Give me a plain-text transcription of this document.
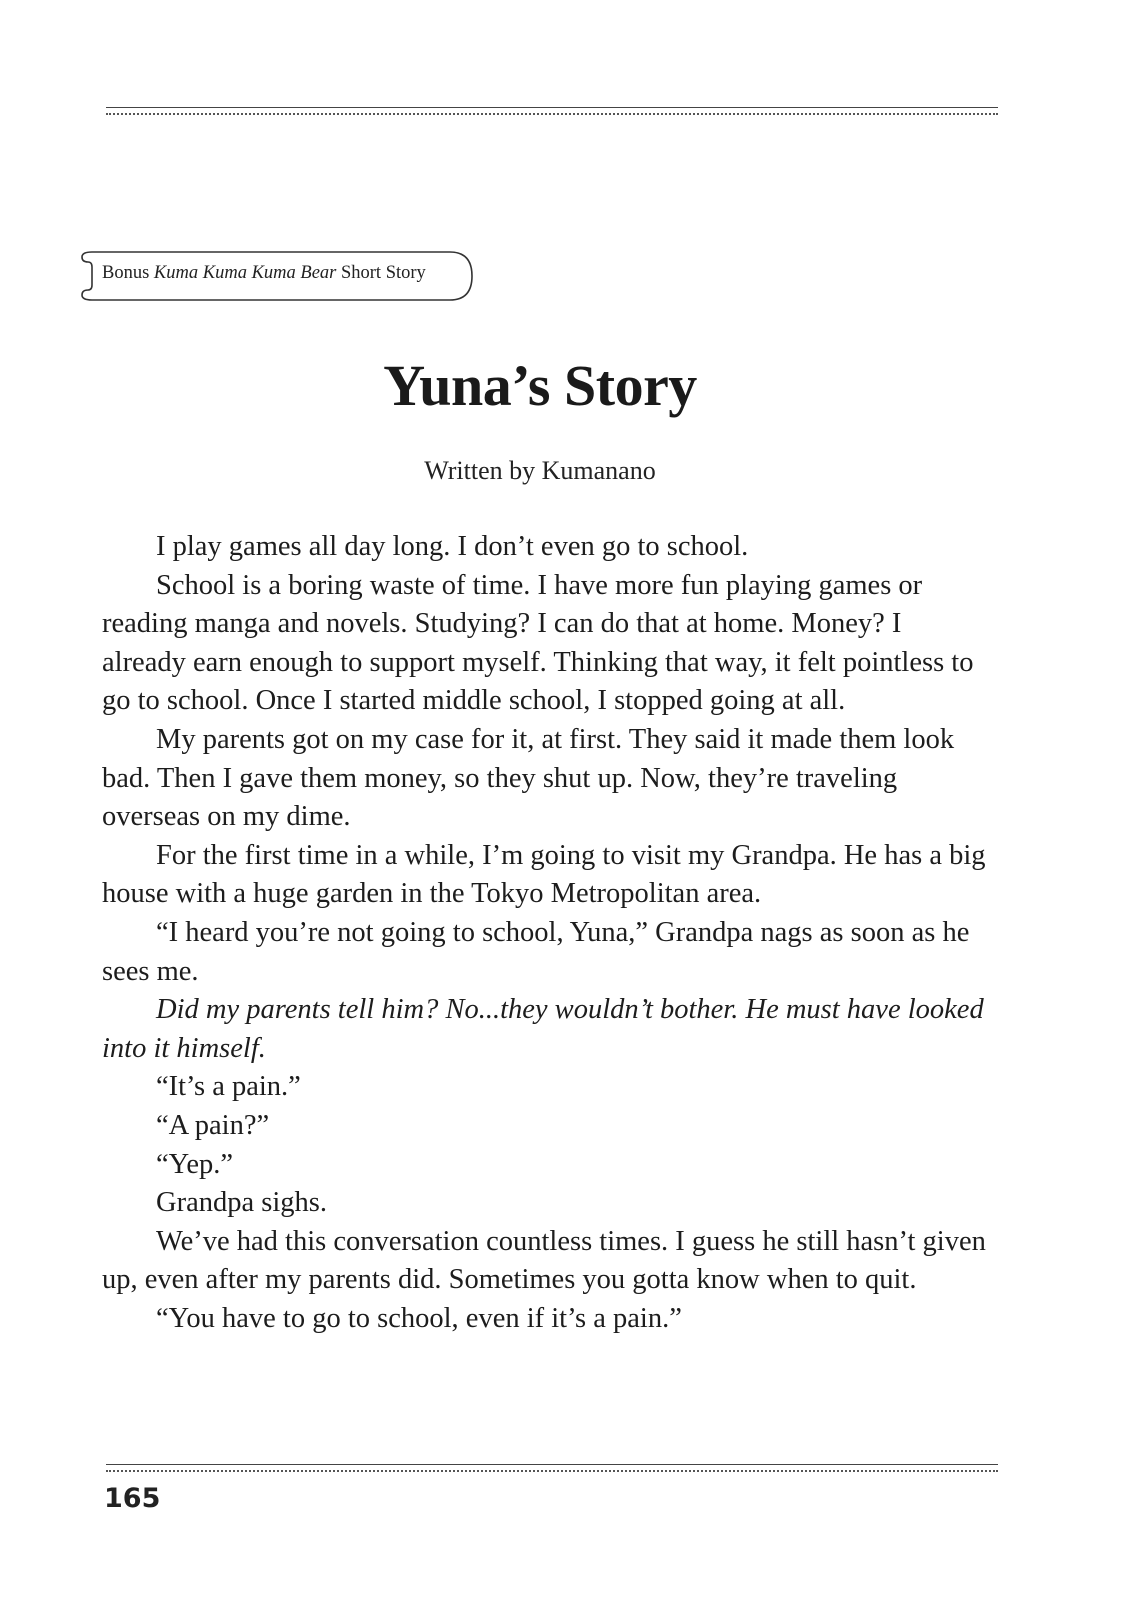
Bonus Kuma Kuma Kuma Bear Short Story
Yuna’s Story
Written by Kumanano

I play games all day long. I don’t even go to school.

School is a boring waste of time. I have more fun playing games or reading manga and novels. Studying? I can do that at home. Money? I already earn enough to support myself. Thinking that way, it felt pointless to go to school. Once I started middle school, I stopped going at all.

My parents got on my case for it, at first. They said it made them look bad. Then I gave them money, so they shut up. Now, they’re traveling overseas on my dime.

For the first time in a while, I’m going to visit my Grandpa. He has a big house with a huge garden in the Tokyo Metropolitan area.

“I heard you’re not going to school, Yuna,” Grandpa nags as soon as he sees me.

Did my parents tell him? No...they wouldn’t bother. He must have looked into it himself.

“It’s a pain.”

“A pain?”

“Yep.”

Grandpa sighs.

We’ve had this conversation countless times. I guess he still hasn’t given up, even after my parents did. Sometimes you gotta know when to quit.

“You have to go to school, even if it’s a pain.”

165
